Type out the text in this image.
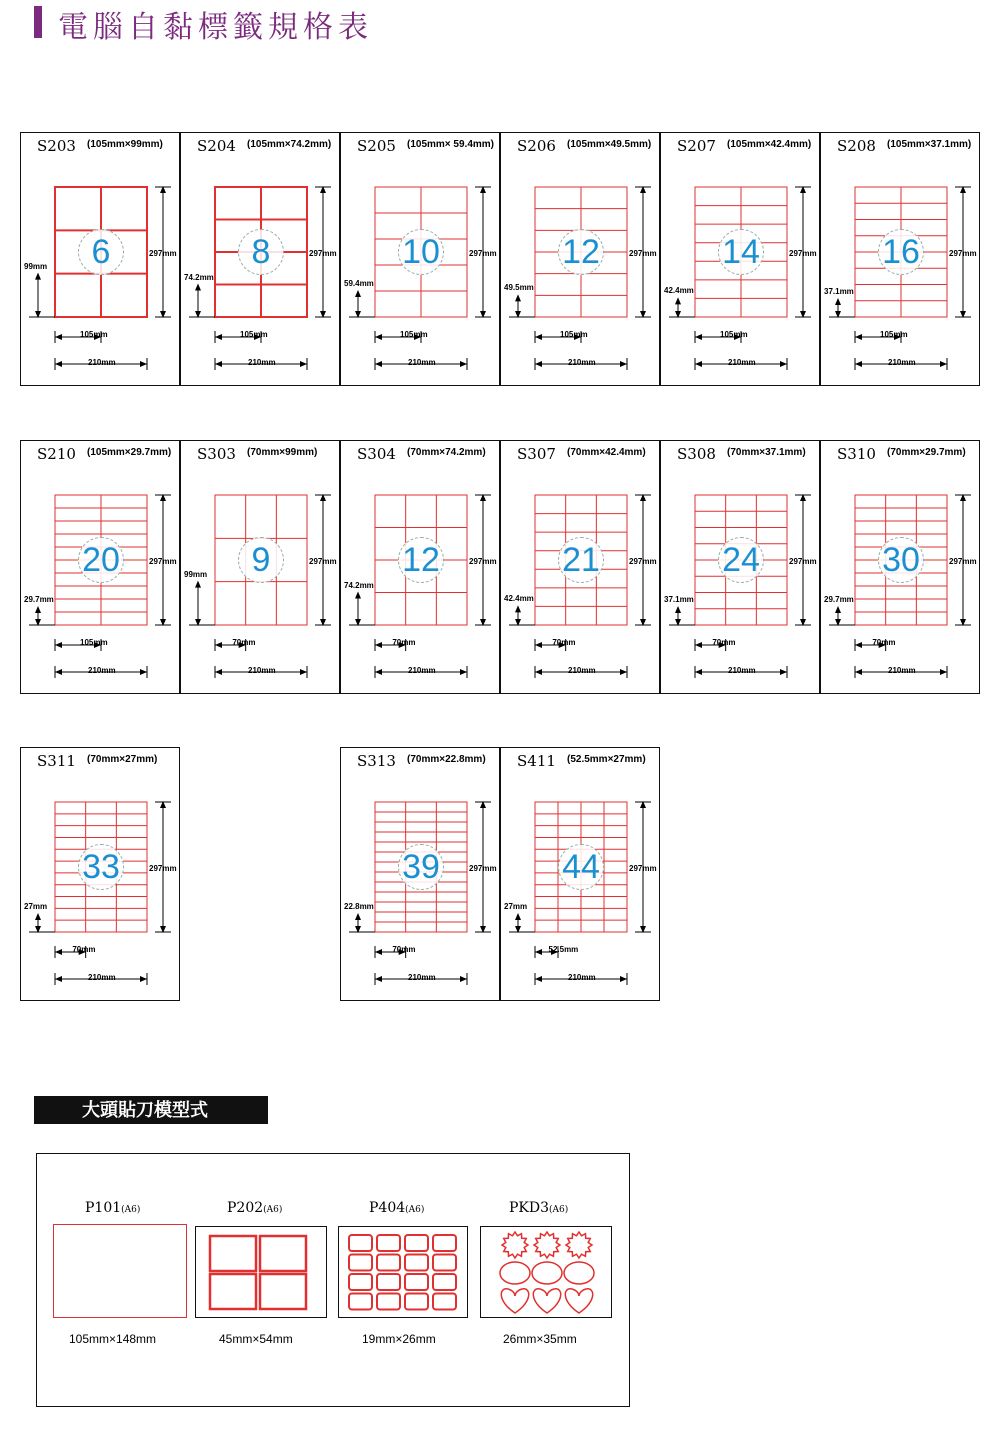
電腦自黏標籤規格表
S203 (105mm×99mm)
6	297mm
99mm
105mm
210mm
S204 (105mm×74.2mm)
8	297mm
74.2mm
105mm
210mm
S205 (105mm× 59.4mm)
10	297mm
59.4mm
105mm
210mm
S206 (105mm×49.5mm)
12	297mm
49.5mm
105mm
210mm
S207 (105mm×42.4mm)
14	297mm
42.4mm
105mm
210mm
S208 (105mm×37.1mm)
16	297mm
37.1mm
105mm
210mm
S210 (105mm×29.7mm)
20	297mm
29.7mm
105mm
210mm
S303 (70mm×99mm)
9	297mm
99mm
70mm
210mm
S304 (70mm×74.2mm)
12	297mm
74.2mm
70mm
210mm
S307 (70mm×42.4mm)
21	297mm
42.4mm
70mm
210mm
S308 (70mm×37.1mm)
24	297mm
37.1mm
70mm
210mm
S310 (70mm×29.7mm)
30	297mm
29.7mm
70mm
210mm
S311 (70mm×27mm)
33	297mm
27mm
70mm
210mm
S313 (70mm×22.8mm)
39	297mm
22.8mm
70mm
210mm
S411 (52.5mm×27mm)
44	297mm
27mm
52.5mm
210mm
大頭貼刀模型式
P101(A6)	P202(A6)	P404(A6)	PKD3(A6)
105mm×148mm	45mm×54mm	19mm×26mm	26mm×35mm
